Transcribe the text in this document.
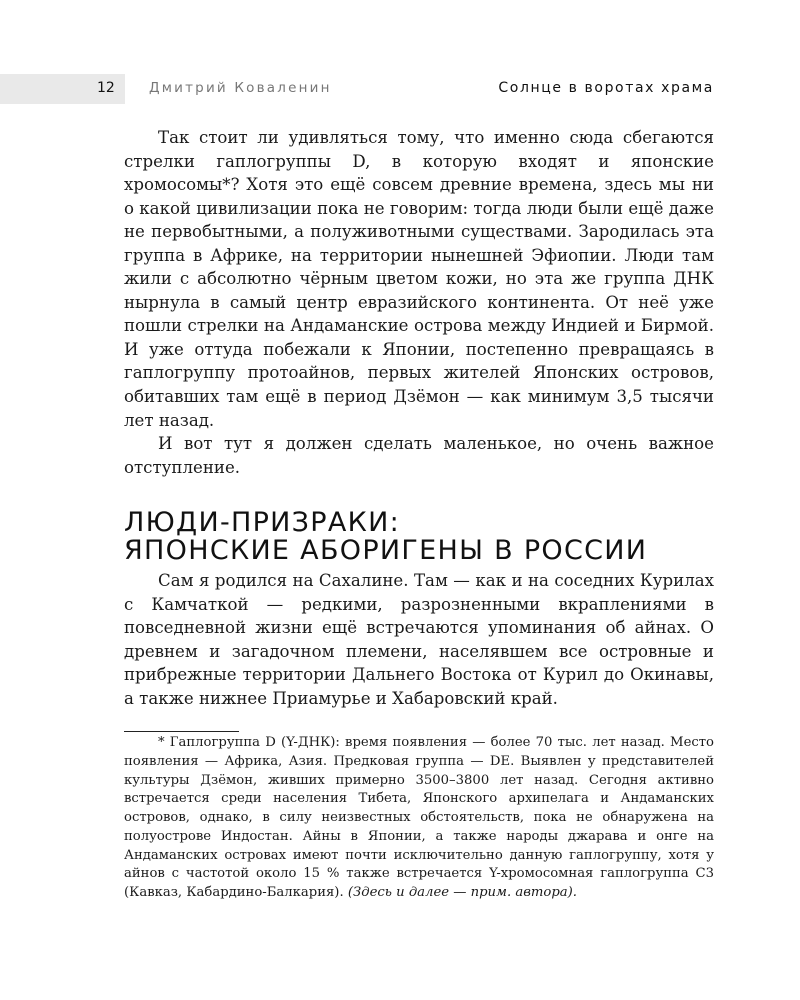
12	Дмитрий Коваленин	Солнце в воротах храма

Так стоит ли удивляться тому, что именно сюда сбегаются стрелки гаплогруппы D, в которую входят и японские хромосомы*? Хотя это ещё совсем древние времена, здесь мы ни о какой цивилизации пока не говорим: тогда люди были ещё даже не первобытными, а полуживотными существами. Зародилась эта группа в Африке, на территории нынешней Эфиопии. Люди там жили с абсолютно чёрным цветом кожи, но эта же группа ДНК нырнула в самый центр евразийского континента. От неё уже пошли стрелки на Андаманские острова между Индией и Бирмой. И уже оттуда побежали к Японии, постепенно превращаясь в гаплогруппу протоайнов, первых жителей Японских островов, обитавших там ещё в период Дзёмон — как минимум 3,5 тысячи лет назад.

И вот тут я должен сделать маленькое, но очень важное отступление.

ЛЮДИ-ПРИЗРАКИ:
ЯПОНСКИЕ АБОРИГЕНЫ В РОССИИ

Сам я родился на Сахалине. Там — как и на соседних Курилах с Камчаткой — редкими, разрозненными вкраплениями в повседневной жизни ещё встречаются упоминания об айнах. О древнем и загадочном племени, населявшем все островные и прибрежные территории Дальнего Востока от Курил до Окинавы, а также нижнее Приамурье и Хабаровский край.

* Гаплогруппа D (Y-ДНК): время появления — более 70 тыс. лет назад. Место появления — Африка, Азия. Предковая группа — DE. Выявлен у представителей культуры Дзёмон, живших примерно 3500–3800 лет назад. Сегодня активно встречается среди населения Тибета, Японского архипелага и Андаманских островов, однако, в силу неизвестных обстоятельств, пока не обнаружена на полуострове Индостан. Айны в Японии, а также народы джарава и онге на Андаманских островах имеют почти исключительно данную гаплогруппу, хотя у айнов с частотой около 15 % также встречается Y-хромосомная гаплогруппа C3 (Кавказ, Кабардино-Балкария). (Здесь и далее — прим. автора).
